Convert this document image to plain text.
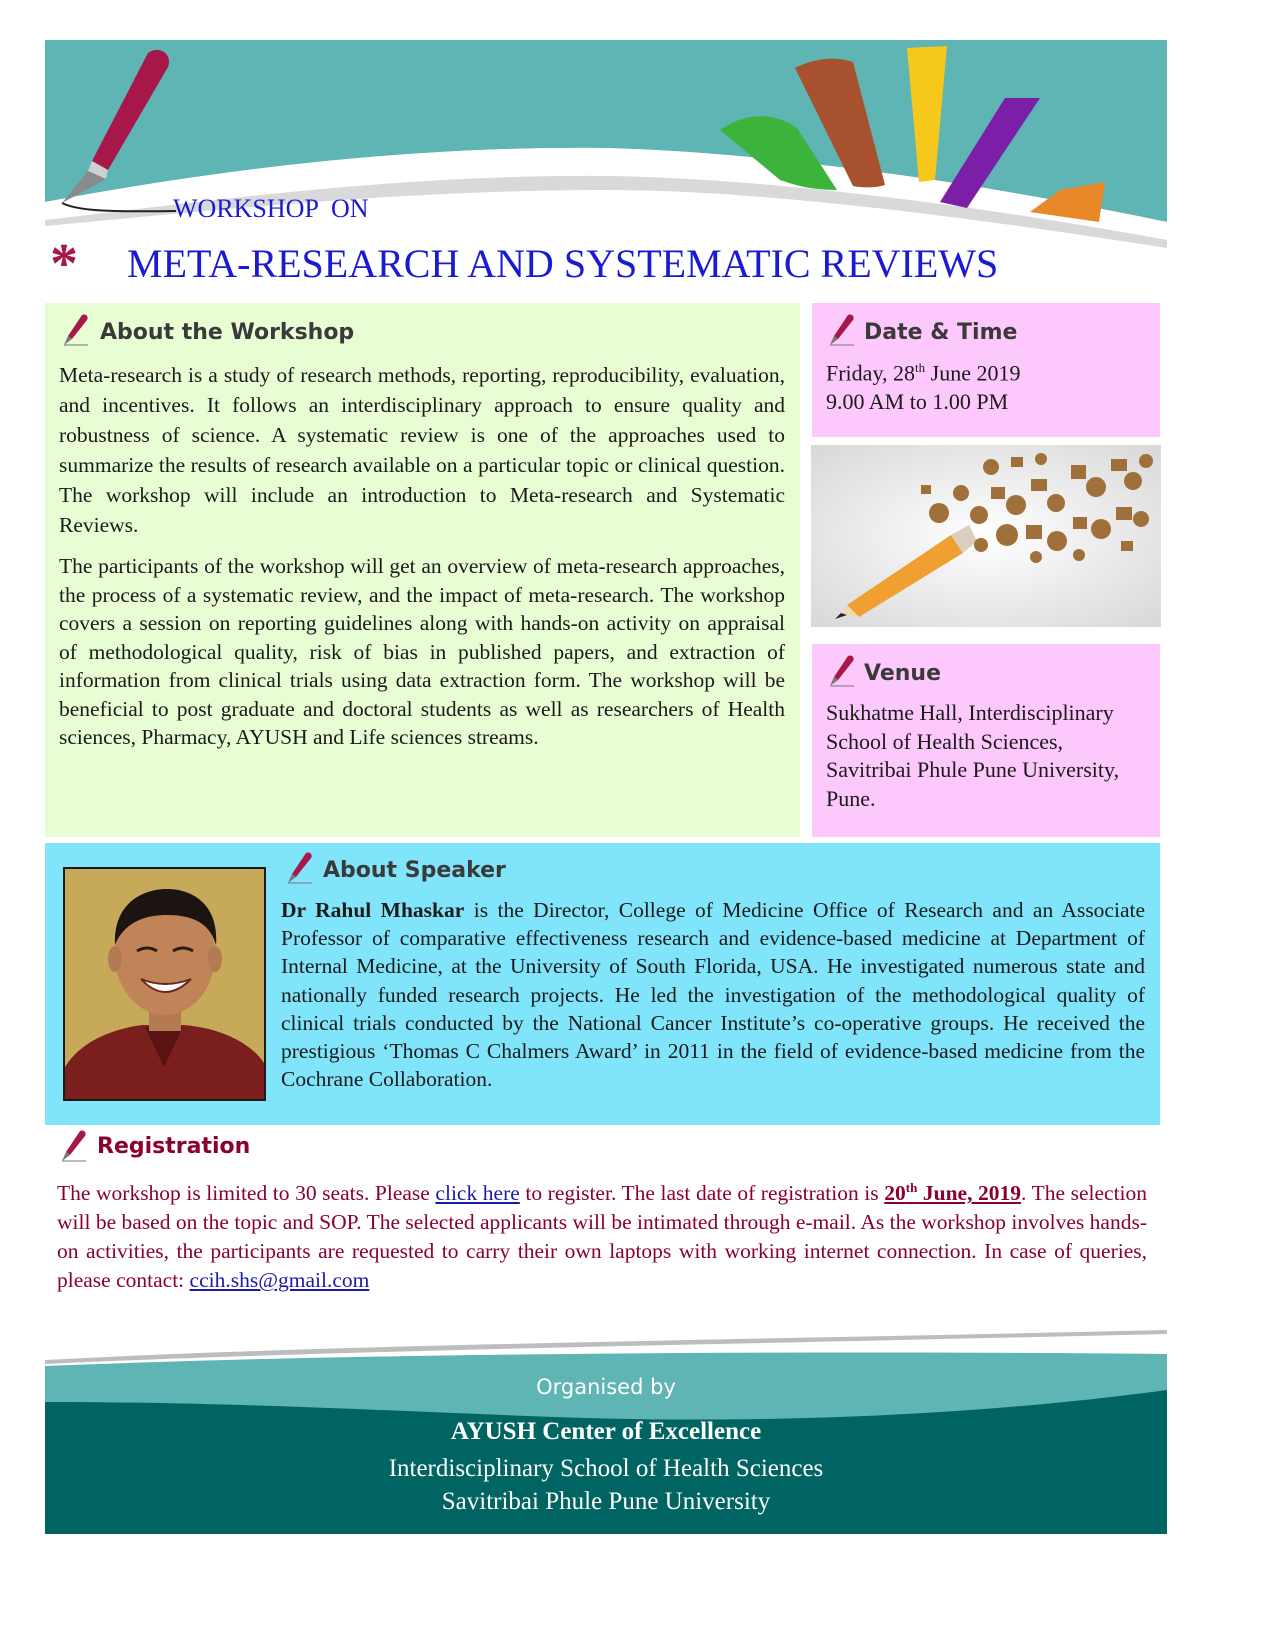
WORKSHOP  ON
* META-RESEARCH AND SYSTEMATIC REVIEWS
About the Workshop

Meta-research is a study of research methods, reporting, reproducibility, evaluation, and incentives. It follows an interdisciplinary approach to ensure quality and robustness of science. A systematic review is one of the approaches used to summarize the results of research available on a particular topic or clinical question. The workshop will include an introduction to Meta-research and Systematic Reviews.

The participants of the workshop will get an overview of meta-research approaches, the process of a systematic review, and the impact of meta-research. The workshop covers a session on reporting guidelines along with hands-on activity on appraisal of methodological quality, risk of bias in published papers, and extraction of information from clinical trials using data extraction form. The workshop will be beneficial to post graduate and doctoral students as well as researchers of Health sciences, Pharmacy, AYUSH and Life sciences streams.

Date & Time
Friday, 28th June 2019
9.00 AM to 1.00 PM
Venue
Sukhatme Hall, Interdisciplinary
School of Health Sciences,
Savitribai Phule Pune University,
Pune.
About Speaker
Dr Rahul Mhaskar is the Director, College of Medicine Office of Research and an Associate Professor of comparative effectiveness research and evidence-based medicine at Department of Internal Medicine, at the University of South Florida, USA. He investigated numerous state and nationally funded research projects. He led the investigation of the methodological quality of clinical trials conducted by the National Cancer Institute’s co-operative groups. He received the prestigious ‘Thomas C Chalmers Award’ in 2011 in the field of evidence-based medicine from the Cochrane Collaboration.
Registration
The workshop is limited to 30 seats. Please click here to register. The last date of registration is 20th June, 2019. The selection will be based on the topic and SOP. The selected applicants will be intimated through e-mail. As the workshop involves hands-on activities, the participants are requested to carry their own laptops with working internet connection. In case of queries, please contact: ccih.shs@gmail.com
Organised by
AYUSH Center of Excellence
Interdisciplinary School of Health Sciences
Savitribai Phule Pune University
